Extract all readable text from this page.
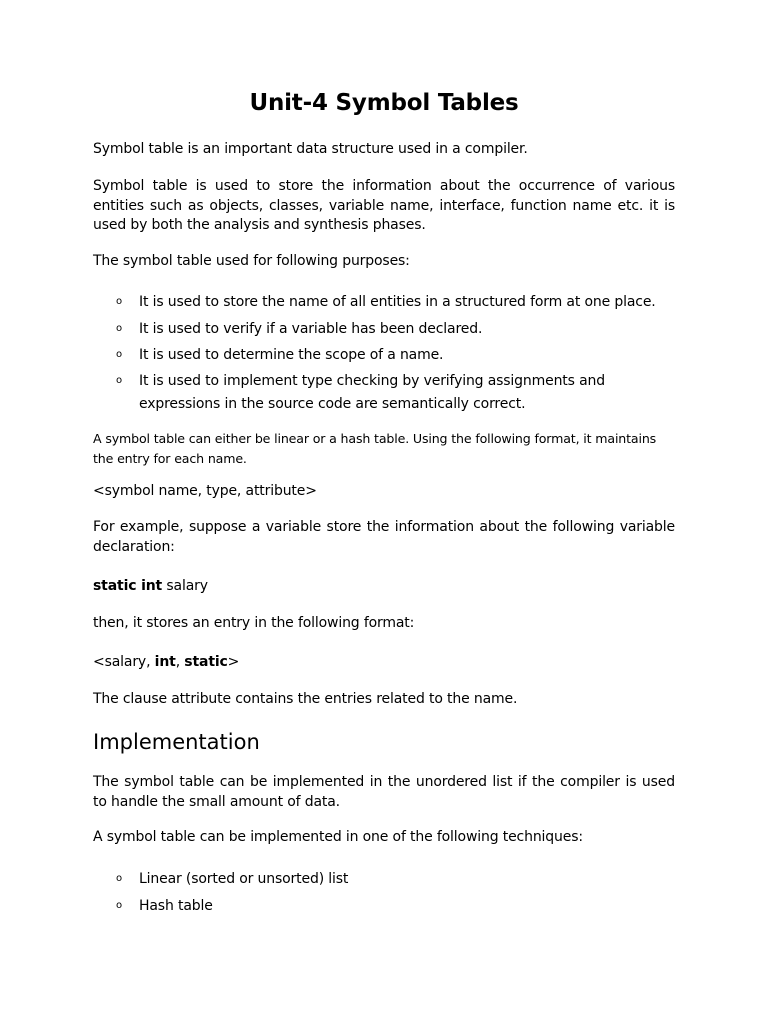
Unit-4 Symbol Tables
Symbol table is an important data structure used in a compiler.
Symbol table is used to store the information about the occurrence of various entities such as objects, classes, variable name, interface, function name etc. it is used by both the analysis and synthesis phases.
The symbol table used for following purposes:
o It is used to store the name of all entities in a structured form at one place.
o It is used to verify if a variable has been declared.
o It is used to determine the scope of a name.
o It is used to implement type checking by verifying assignments and expressions in the source code are semantically correct.
A symbol table can either be linear or a hash table. Using the following format, it maintains the entry for each name.
<symbol name, type, attribute>
For example, suppose a variable store the information about the following variable declaration:
static int salary
then, it stores an entry in the following format:
<salary, int, static>
The clause attribute contains the entries related to the name.
Implementation
The symbol table can be implemented in the unordered list if the compiler is used to handle the small amount of data.
A symbol table can be implemented in one of the following techniques:
o Linear (sorted or unsorted) list
o Hash table
